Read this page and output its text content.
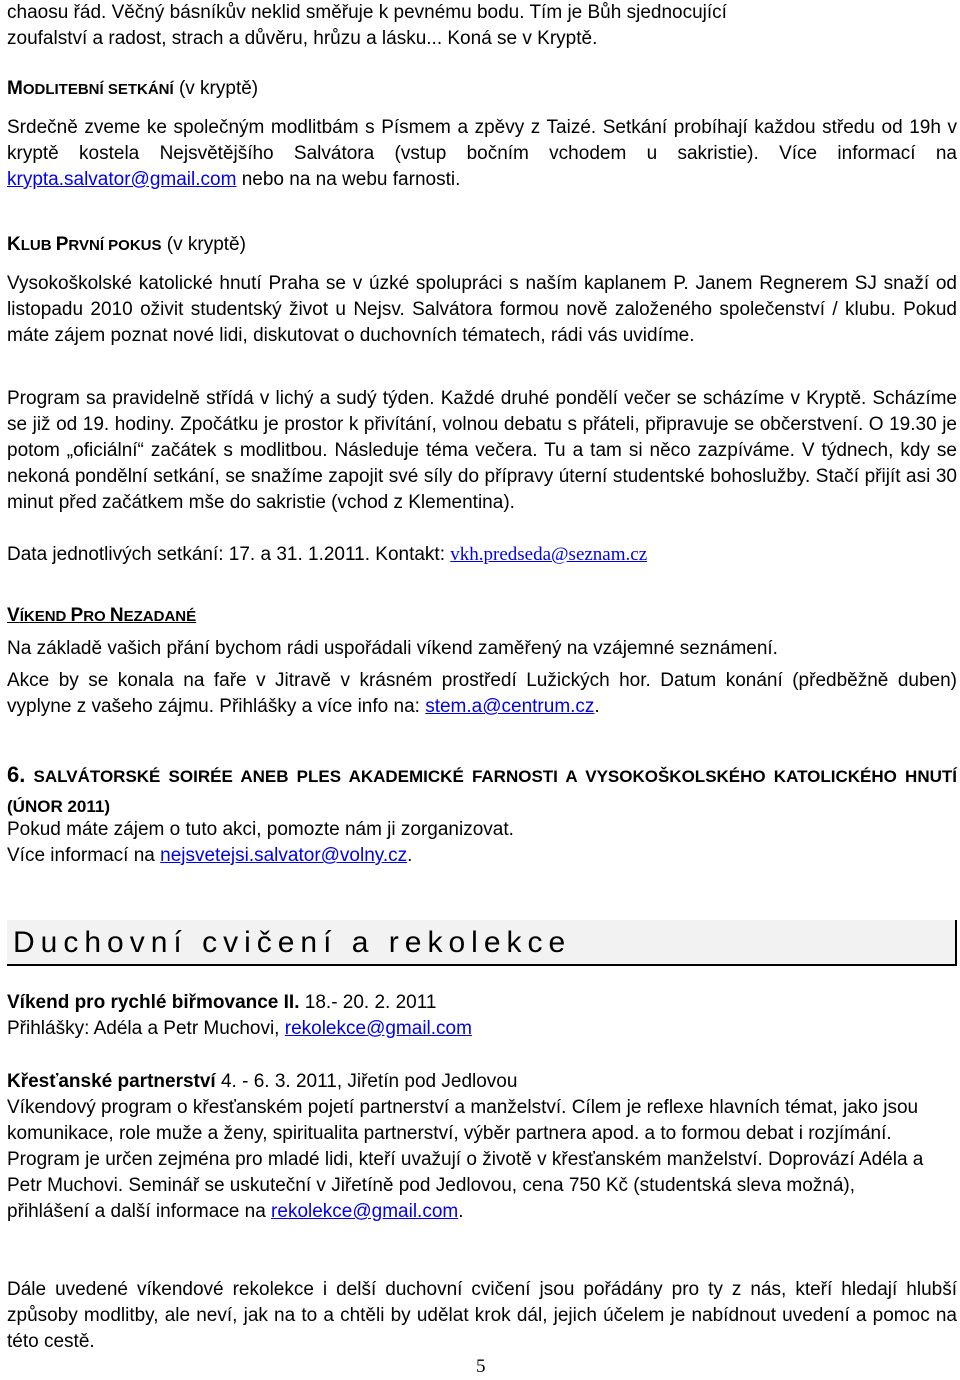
chaosu řád. Věčný básníkův neklid směřuje k pevnému bodu. Tím je Bůh sjednocující
zoufalství a radost, strach a důvěru, hrůzu a lásku... Koná se v Kryptě.

MODLITEBNÍ SETKÁNÍ (v kryptě)

Srdečně zveme ke společným modlitbám s Písmem a zpěvy z Taizé. Setkání probíhají každou středu od 19h v kryptě kostela Nejsvětějšího Salvátora (vstup bočním vchodem u sakristie). Více informací na krypta.salvator@gmail.com nebo na na webu farnosti.

KLUB PRVNÍ POKUS (v kryptě)

Vysokoškolské katolické hnutí Praha se v úzké spolupráci s naším kaplanem P. Janem Regnerem SJ snaží od listopadu 2010 oživit studentský život u Nejsv. Salvátora formou nově založeného společenství / klubu. Pokud máte zájem poznat nové lidi, diskutovat o duchovních tématech, rádi vás uvidíme.

Program sa pravidelně střídá v lichý a sudý týden. Každé druhé pondělí večer se scházíme v Kryptě. Scházíme se již od 19. hodiny. Zpočátku je prostor k přivítání, volnou debatu s přáteli, připravuje se občerstvení. O 19.30 je potom „oficiální“ začátek s modlitbou. Následuje téma večera. Tu a tam si něco zazpíváme. V týdnech, kdy se nekoná pondělní setkání, se snažíme zapojit své síly do přípravy úterní studentské bohoslužby. Stačí přijít asi 30 minut před začátkem mše do sakristie (vchod z Klementina).

Data jednotlivých setkání: 17. a 31. 1.2011. Kontakt: vkh.predseda@seznam.cz

VÍKEND PRO NEZADANÉ

Na základě vašich přání bychom rádi uspořádali víkend zaměřený na vzájemné seznámení.

Akce by se konala na faře v Jitravě v krásném prostředí Lužických hor. Datum konání (předběžně duben) vyplyne z vašeho zájmu. Přihlášky a více info na: stem.a@centrum.cz.

6. SALVÁTORSKÉ SOIRÉE ANEB PLES AKADEMICKÉ FARNOSTI A VYSOKOŠKOLSKÉHO KATOLICKÉHO HNUTÍ (ÚNOR 2011)

Pokud máte zájem o tuto akci, pomozte nám ji zorganizovat.

Více informací na nejsvetejsi.salvator@volny.cz.

Duchovní cvičení a rekolekce

Víkend pro rychlé biřmovance II. 18.- 20. 2. 2011

Přihlášky: Adéla a Petr Muchovi, rekolekce@gmail.com

Křesťanské partnerství 4. - 6. 3. 2011, Jiřetín pod Jedlovou

Víkendový program o křesťanském pojetí partnerství a manželství. Cílem je reflexe hlavních témat, jako jsou komunikace, role muže a ženy, spiritualita partnerství, výběr partnera apod. a to formou debat i rozjímání. Program je určen zejména pro mladé lidi, kteří uvažují o životě v křesťanském manželství. Doprovází Adéla a Petr Muchovi. Seminář se uskuteční v Jiřetíně pod Jedlovou, cena 750 Kč (studentská sleva možná), přihlášení a další informace na rekolekce@gmail.com.

Dále uvedené víkendové rekolekce i delší duchovní cvičení jsou pořádány pro ty z nás, kteří hledají hlubší způsoby modlitby, ale neví, jak na to a chtěli by udělat krok dál, jejich účelem je nabídnout uvedení a pomoc na této cestě.

5
